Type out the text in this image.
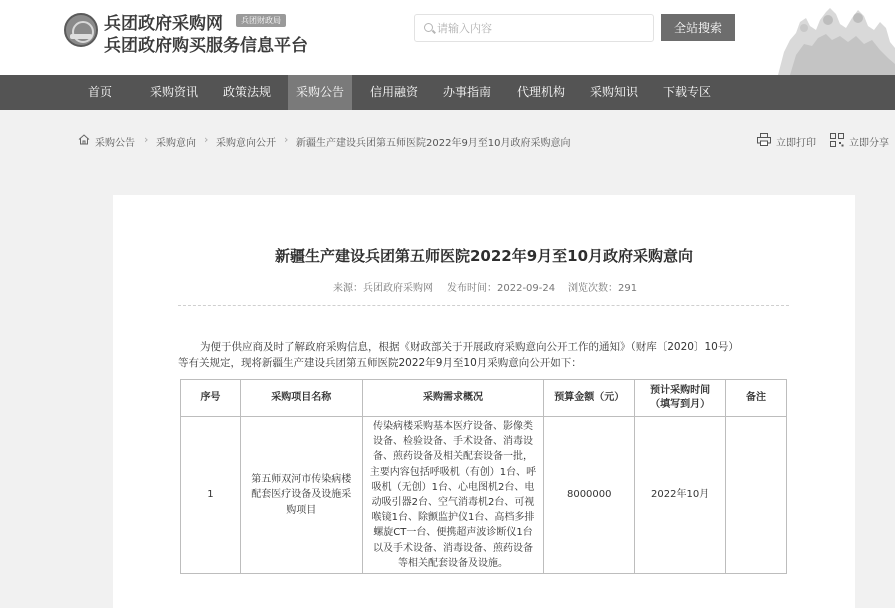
兵团政府采购网	兵团财政局
兵团政府购买服务信息平台
请输入内容
全站搜索
首页	采购资讯	政策法规	采购公告	信用融资	办事指南	代理机构	采购知识	下载专区
采购公告 › 采购意向 › 采购意向公开 › 新疆生产建设兵团第五师医院2022年9月至10月政府采购意向	立即打印	立即分享
新疆生产建设兵团第五师医院2022年9月至10月政府采购意向
来源：兵团政府采购网 发布时间：2022-09-24 浏览次数：291
为便于供应商及时了解政府采购信息，根据《财政部关于开展政府采购意向公开工作的通知》（财库〔2020〕10号）
等有关规定，现将新疆生产建设兵团第五师医院2022年9月至10月采购意向公开如下：
序号	采购项目名称	采购需求概况	预算金额（元）	预计采购时间（填写到月）	备注
1	第五师双河市传染病楼配套医疗设备及设施采购项目	传染病楼采购基本医疗设备、影像类设备、检验设备、手术设备、消毒设备、煎药设备及相关配套设备一批，主要内容包括呼吸机（有创）1台、呼吸机（无创）1台、心电图机2台、电动吸引器2台、空气消毒机2台、可视喉镜1台、除颤监护仪1台、高档多排螺旋CT一台、便携超声波诊断仪1台以及手术设备、消毒设备、煎药设备等相关配套设备及设施。	8000000	2022年10月	
